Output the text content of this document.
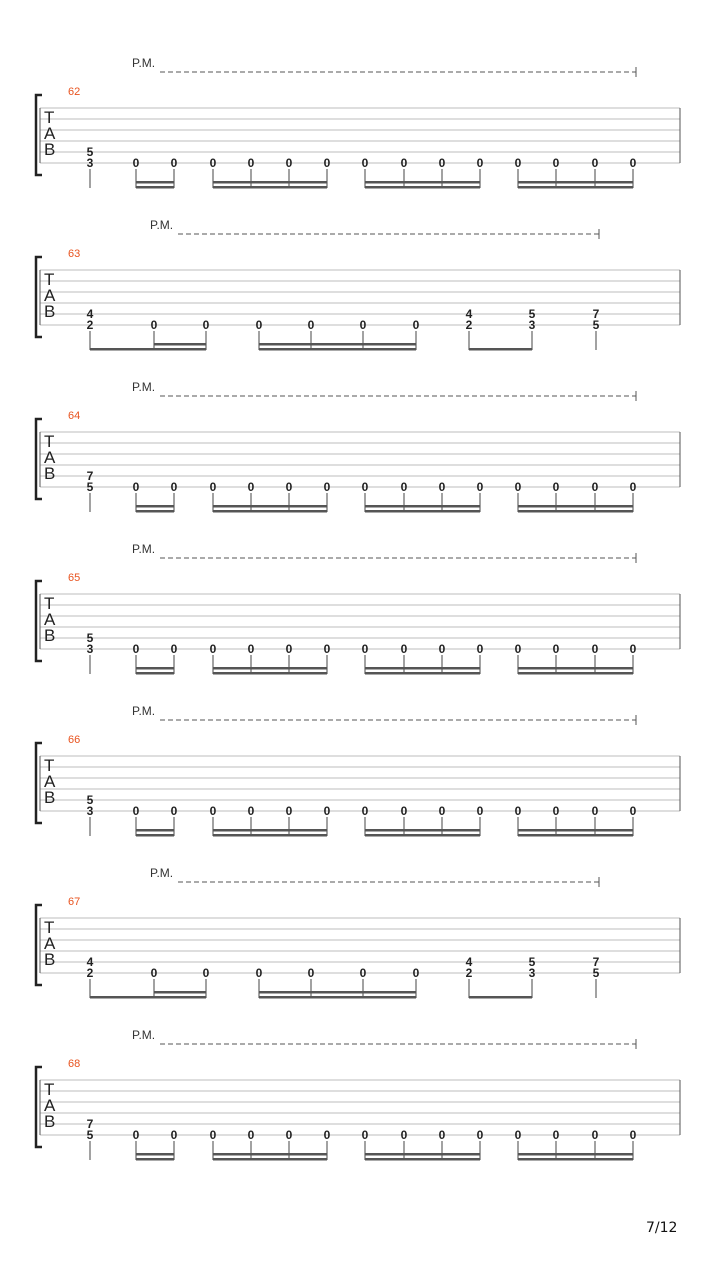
P.M.
62
T
A
B	5
3	0	0	0	0	0	0	0	0	0	0	0	0	0	0
P.M.
63
T
A
B	4
2	0	0	0	0	0	0
4
2
5
3
7
5
P.M.
64
T
A
B	7
5	0	0	0	0	0	0	0	0	0	0	0	0	0	0
P.M.
65
T
A
B	5
3	0	0	0	0	0	0	0	0	0	0	0	0	0	0
P.M.
66
T
A
B	5
3	0	0	0	0	0	0	0	0	0	0	0	0	0	0
P.M.
67
T
A
B	4
2	0	0	0	0	0	0
4
2
5
3
7
5
P.M.
68
T
A
B	7
5	0	0	0	0	0	0	0	0	0	0	0	0	0	0
7/12
